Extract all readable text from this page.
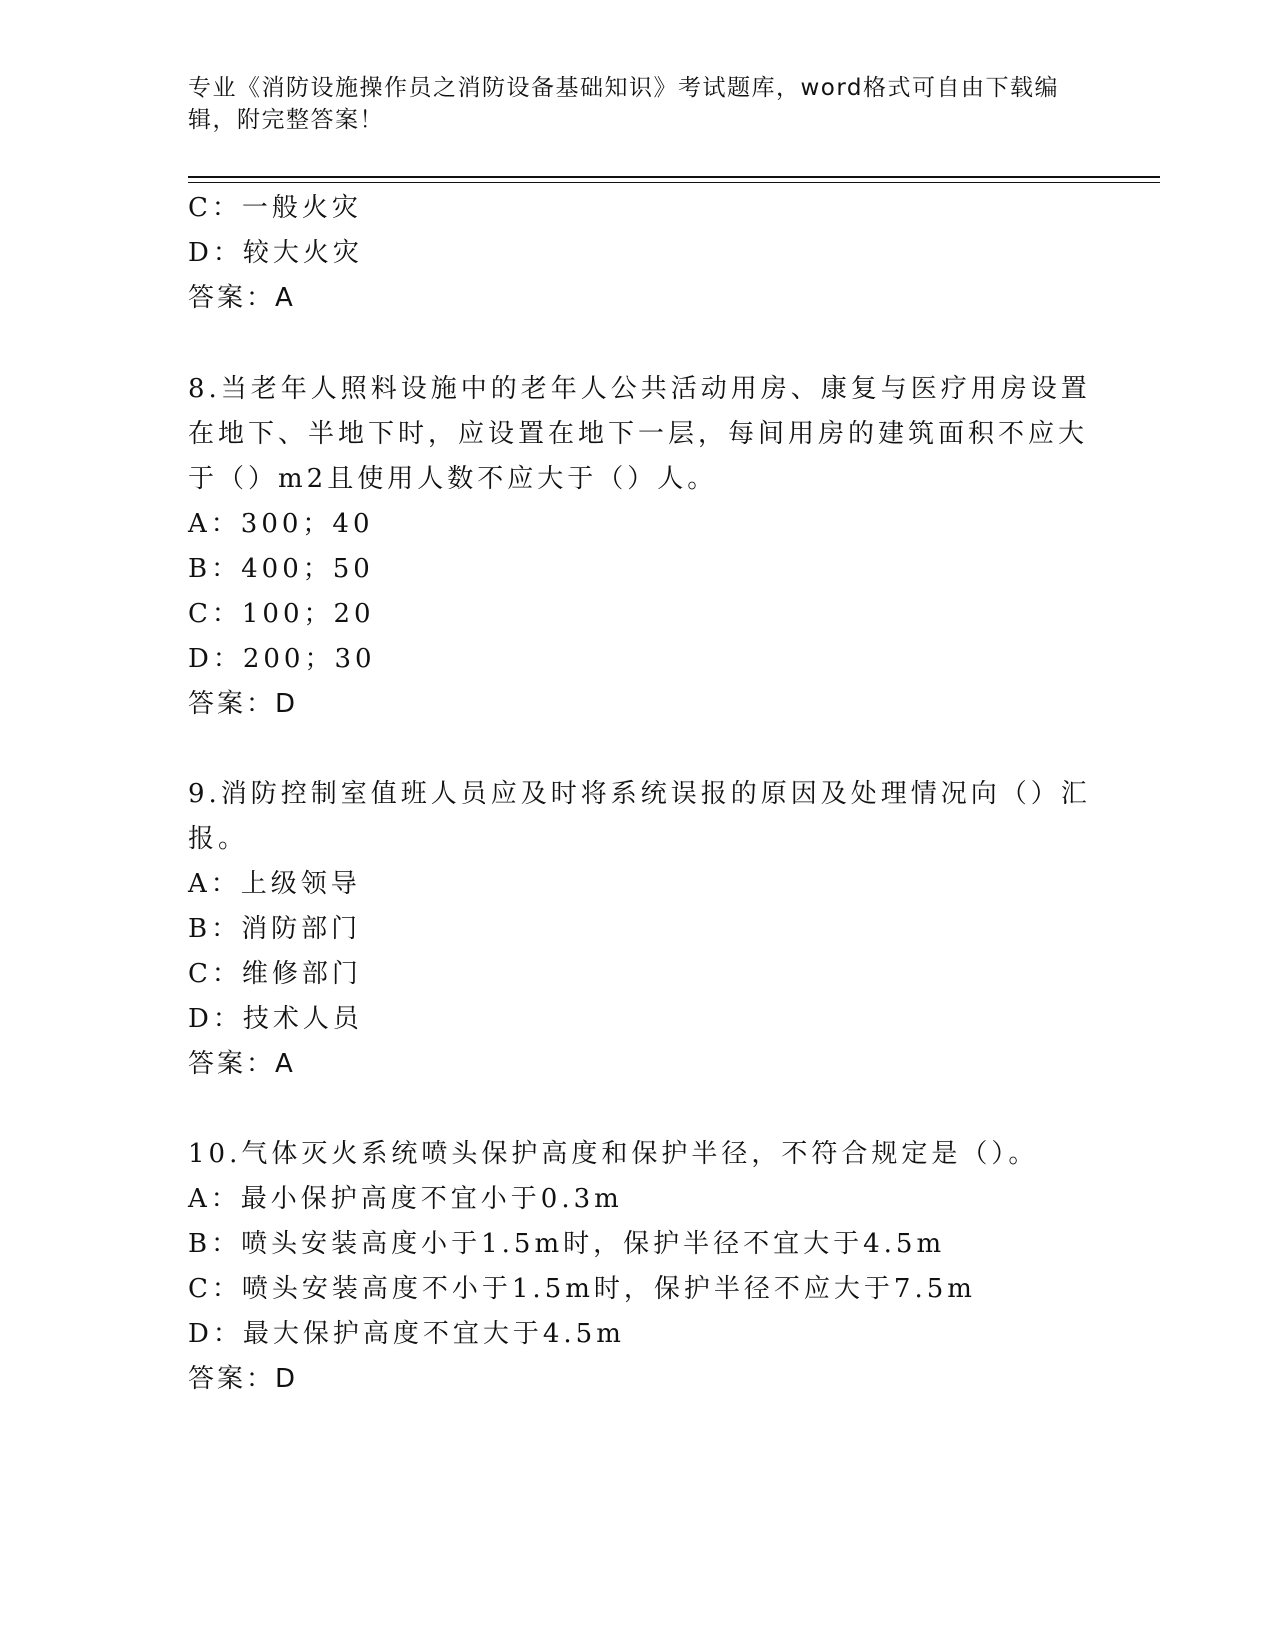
专业《消防设施操作员之消防设备基础知识》考试题库，word格式可自由下载编辑，附完整答案！
C：一般火灾
D：较大火灾
答案：A
8.当老年人照料设施中的老年人公共活动用房、康复与医疗用房设置
在地下、半地下时，应设置在地下一层，每间用房的建筑面积不应大
于（）m2且使用人数不应大于（）人。
A：300；40
B：400；50
C：100；20
D：200；30
答案：D
9.消防控制室值班人员应及时将系统误报的原因及处理情况向（）汇
报。
A：上级领导
B：消防部门
C：维修部门
D：技术人员
答案：A
10.气体灭火系统喷头保护高度和保护半径，不符合规定是（）。
A：最小保护高度不宜小于0.3m
B：喷头安装高度小于1.5m时，保护半径不宜大于4.5m
C：喷头安装高度不小于1.5m时，保护半径不应大于7.5m
D：最大保护高度不宜大于4.5m
答案：D
